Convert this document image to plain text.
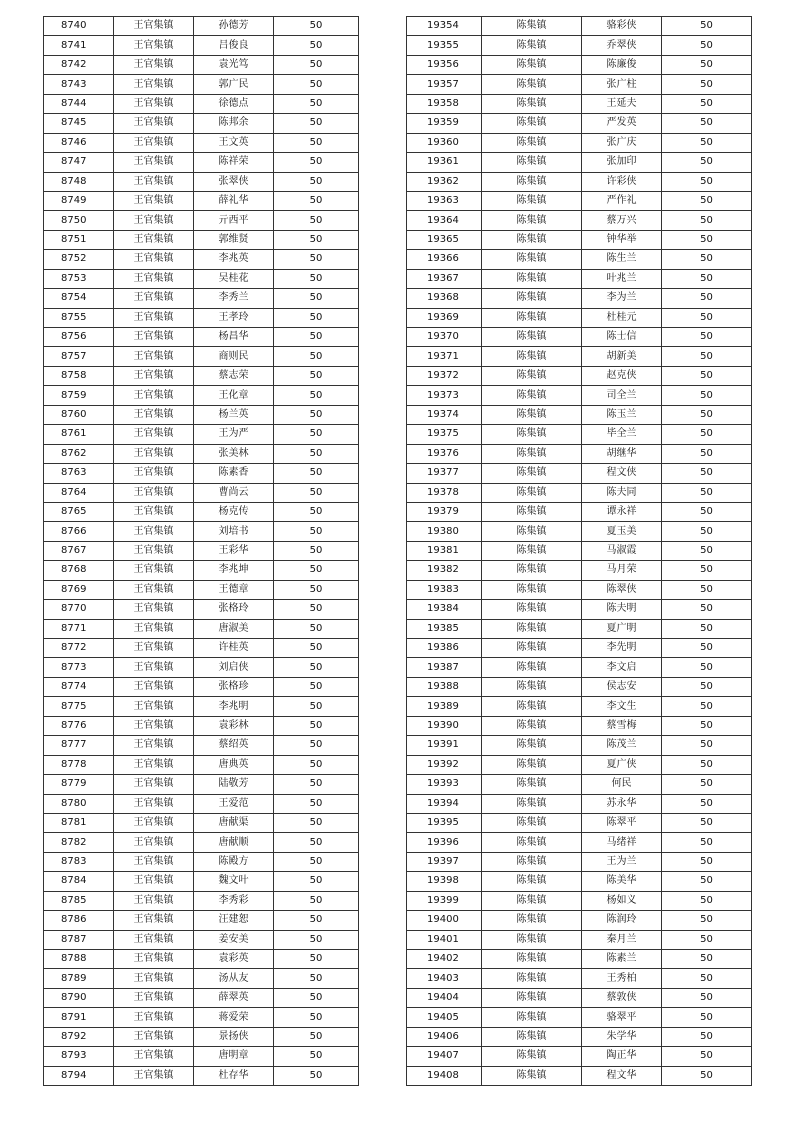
8740	王官集镇	孙德芳	50
8741	王官集镇	吕俊良	50
8742	王官集镇	袁光笃	50
8743	王官集镇	郭广民	50
8744	王官集镇	徐德点	50
8745	王官集镇	陈邦余	50
8746	王官集镇	王文英	50
8747	王官集镇	陈祥荣	50
8748	王官集镇	张翠侠	50
8749	王官集镇	薛礼华	50
8750	王官集镇	亓西平	50
8751	王官集镇	郭维贤	50
8752	王官集镇	李兆英	50
8753	王官集镇	吴桂花	50
8754	王官集镇	李秀兰	50
8755	王官集镇	王孝玲	50
8756	王官集镇	杨昌华	50
8757	王官集镇	商则民	50
8758	王官集镇	蔡志荣	50
8759	王官集镇	王化章	50
8760	王官集镇	杨兰英	50
8761	王官集镇	王为严	50
8762	王官集镇	张美林	50
8763	王官集镇	陈素香	50
8764	王官集镇	曹尚云	50
8765	王官集镇	杨克传	50
8766	王官集镇	刘培书	50
8767	王官集镇	王彩华	50
8768	王官集镇	李兆坤	50
8769	王官集镇	王德章	50
8770	王官集镇	张格玲	50
8771	王官集镇	唐淑美	50
8772	王官集镇	许桂英	50
8773	王官集镇	刘启侠	50
8774	王官集镇	张格珍	50
8775	王官集镇	李兆明	50
8776	王官集镇	袁彩林	50
8777	王官集镇	蔡绍英	50
8778	王官集镇	唐典英	50
8779	王官集镇	陆敬芳	50
8780	王官集镇	王爱范	50
8781	王官集镇	唐献渠	50
8782	王官集镇	唐献顺	50
8783	王官集镇	陈殿方	50
8784	王官集镇	魏文叶	50
8785	王官集镇	李秀彩	50
8786	王官集镇	汪建恕	50
8787	王官集镇	姜安美	50
8788	王官集镇	袁彩英	50
8789	王官集镇	汤从友	50
8790	王官集镇	薛翠英	50
8791	王官集镇	蒋爱荣	50
8792	王官集镇	景扬侠	50
8793	王官集镇	唐明章	50
8794	王官集镇	杜存华	50
19354	陈集镇	骆彩侠	50
19355	陈集镇	乔翠侠	50
19356	陈集镇	陈廉俊	50
19357	陈集镇	张广柱	50
19358	陈集镇	王延夫	50
19359	陈集镇	严发英	50
19360	陈集镇	张广庆	50
19361	陈集镇	张加印	50
19362	陈集镇	许彩侠	50
19363	陈集镇	严作礼	50
19364	陈集镇	蔡万兴	50
19365	陈集镇	钟华举	50
19366	陈集镇	陈生兰	50
19367	陈集镇	叶兆兰	50
19368	陈集镇	李为兰	50
19369	陈集镇	杜桂元	50
19370	陈集镇	陈士信	50
19371	陈集镇	胡新美	50
19372	陈集镇	赵克侠	50
19373	陈集镇	司全兰	50
19374	陈集镇	陈玉兰	50
19375	陈集镇	毕全兰	50
19376	陈集镇	胡继华	50
19377	陈集镇	程文侠	50
19378	陈集镇	陈夫同	50
19379	陈集镇	谭永祥	50
19380	陈集镇	夏玉美	50
19381	陈集镇	马淑霞	50
19382	陈集镇	马月荣	50
19383	陈集镇	陈翠侠	50
19384	陈集镇	陈夫明	50
19385	陈集镇	夏广明	50
19386	陈集镇	李先明	50
19387	陈集镇	李文启	50
19388	陈集镇	侯志安	50
19389	陈集镇	李文生	50
19390	陈集镇	蔡雪梅	50
19391	陈集镇	陈茂兰	50
19392	陈集镇	夏广侠	50
19393	陈集镇	何民	50
19394	陈集镇	苏永华	50
19395	陈集镇	陈翠平	50
19396	陈集镇	马绪祥	50
19397	陈集镇	王为兰	50
19398	陈集镇	陈美华	50
19399	陈集镇	杨如义	50
19400	陈集镇	陈润玲	50
19401	陈集镇	秦月兰	50
19402	陈集镇	陈素兰	50
19403	陈集镇	王秀柏	50
19404	陈集镇	蔡敦侠	50
19405	陈集镇	骆翠平	50
19406	陈集镇	朱学华	50
19407	陈集镇	陶正华	50
19408	陈集镇	程文华	50
